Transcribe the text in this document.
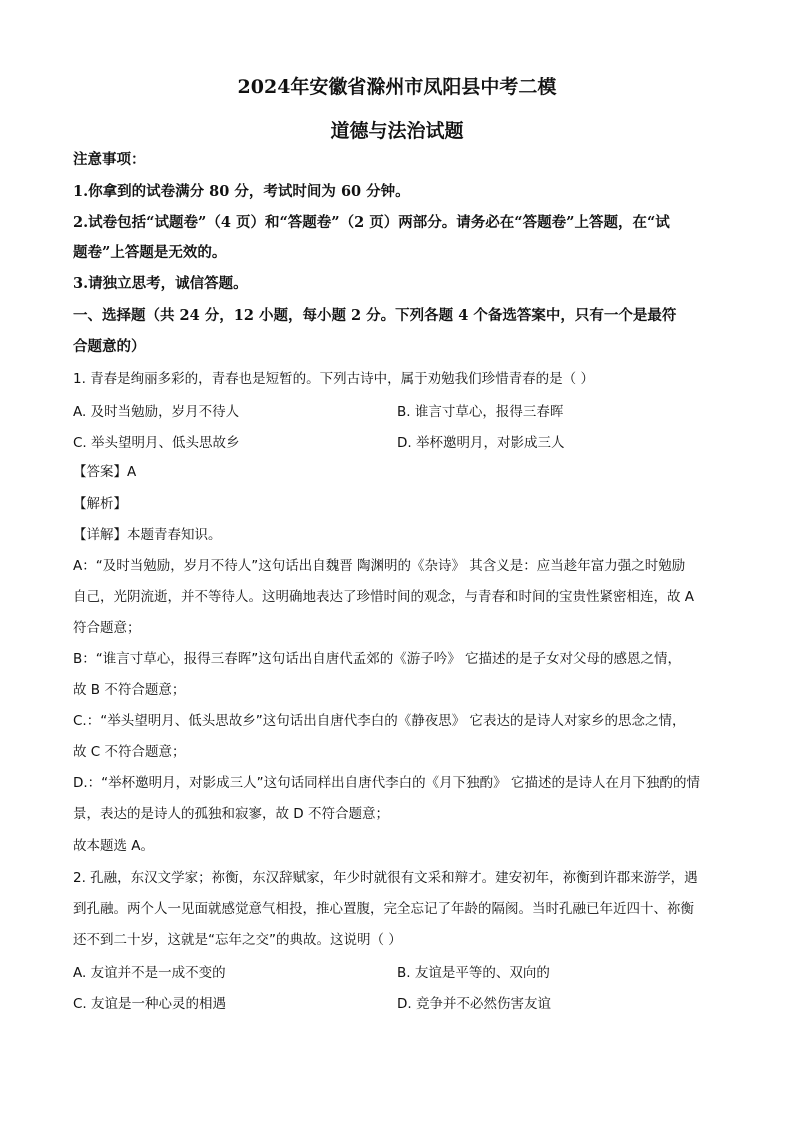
2024年安徽省滁州市凤阳县中考二模
道德与法治试题
注意事项：
1.你拿到的试卷满分 80 分，考试时间为 60 分钟。
2.试卷包括“试题卷”（4 页）和“答题卷”（2 页）两部分。请务必在“答题卷”上答题，在“试
题卷”上答题是无效的。
3.请独立思考，诚信答题。
一、选择题（共 24 分，12 小题，每小题 2 分。下列各题 4 个备选答案中，只有一个是最符
合题意的）
1. 青春是绚丽多彩的，青春也是短暂的。下列古诗中，属于劝勉我们珍惜青春的是（ ）
A. 及时当勉励，岁月不待人	B. 谁言寸草心，报得三春晖
C. 举头望明月、低头思故乡	D. 举杯邀明月，对影成三人
【答案】A
【解析】
【详解】本题青春知识。
A：“及时当勉励，岁月不待人”这句话出自魏晋 陶渊明的《杂诗》 其含义是：应当趁年富力强之时勉励
自己，光阴流逝，并不等待人。这明确地表达了珍惜时间的观念，与青春和时间的宝贵性紧密相连，故 A
符合题意；
B：“谁言寸草心，报得三春晖”这句话出自唐代孟郊的《游子吟》 它描述的是子女对父母的感恩之情，
故 B 不符合题意；
C.：“举头望明月、低头思故乡”这句话出自唐代李白的《静夜思》 它表达的是诗人对家乡的思念之情，
故 C 不符合题意；
D.：“举杯邀明月，对影成三人”这句话同样出自唐代李白的《月下独酌》 它描述的是诗人在月下独酌的情
景，表达的是诗人的孤独和寂寥，故 D 不符合题意；
故本题选 A。
2. 孔融，东汉文学家；祢衡，东汉辞赋家，年少时就很有文采和辩才。建安初年，祢衡到许郡来游学，遇
到孔融。两个人一见面就感觉意气相投，推心置腹，完全忘记了年龄的隔阂。当时孔融已年近四十、祢衡
还不到二十岁，这就是“忘年之交”的典故。这说明（ ）
A. 友谊并不是一成不变的	B. 友谊是平等的、双向的
C. 友谊是一种心灵的相遇	D. 竞争并不必然伤害友谊
